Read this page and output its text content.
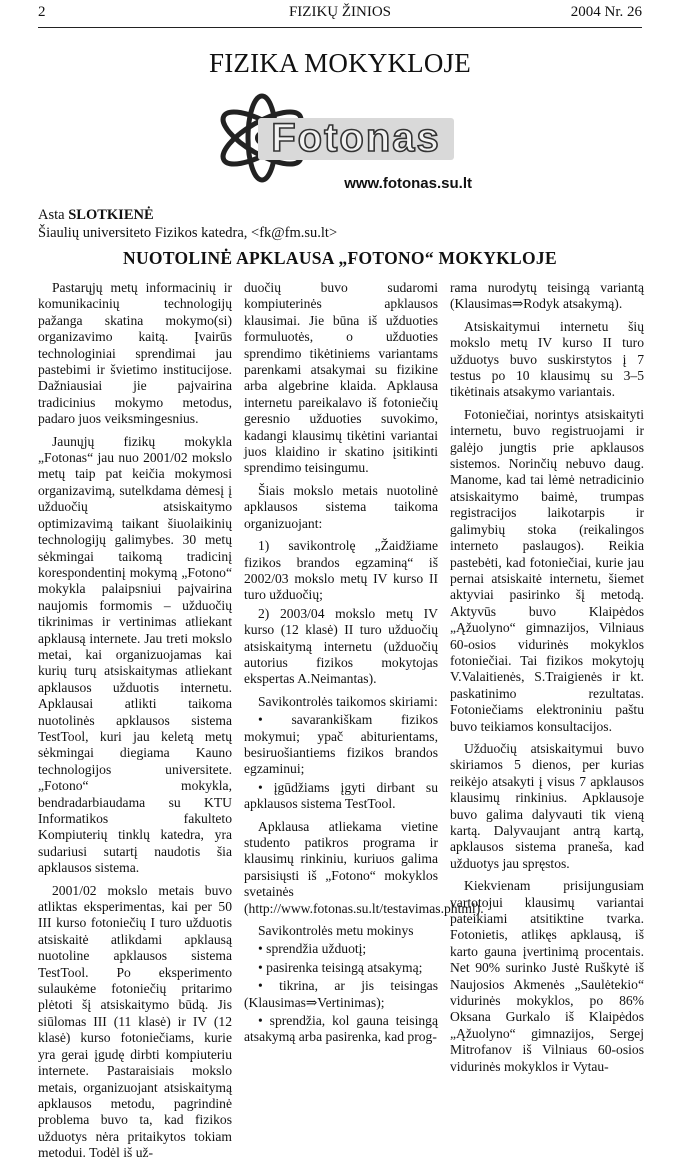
2	FIZIKŲ ŽINIOS	2004 Nr. 26
FIZIKA MOKYKLOJE
Fotonas
www.fotonas.su.lt
Asta SLOTKIENĖ
Šiaulių universiteto Fizikos katedra, <fk@fm.su.lt>
NUOTOLINĖ APKLAUSA „FOTONO“ MOKYKLOJE

Pastarųjų metų informacinių ir komunikacinių technologijų pažanga skatina mokymo(si) organizavimo kaitą. Įvairūs technologiniai sprendimai jau pastebimi ir švietimo institucijose. Dažniausiai jie pajvairina tradicinius mokymo metodus, padaro juos veiksmingesnius.

Jaunųjų fizikų mokykla „Fotonas“ jau nuo 2001/02 mokslo metų taip pat keičia mokymosi organizavimą, sutelkdama dėmesį į užduočių atsiskaitymo optimizavimą taikant šiuolaikinių technologijų galimybes. 30 metų sėkmingai taikomą tradicinį korespondentinį mokymą „Fotono“ mokykla palaipsniui pajvairina naujomis formomis – užduočių tikrinimas ir vertinimas atliekant apklausą internete. Jau treti mokslo metai, kai organizuojamas kai kurių turų atsiskaitymas atliekant apklausos užduotis internetu. Apklausai atlikti taikoma nuotolinės apklausos sistema TestTool, kuri jau keletą metų sėkmingai diegiama Kauno technologijos universitete. „Fotono“ mokykla, bendradarbiaudama su KTU Informatikos fakulteto Kompiuterių tinklų katedra, yra sudariusi sutartį naudotis šia apklausos sistema.

2001/02 mokslo metais buvo atliktas eksperimentas, kai per 50 III kurso fotoniečių I turo užduotis atsiskaitė atlikdami apklausą nuotoline apklausos sistema TestTool. Po eksperimento sulaukėme fotoniečių pritarimo plėtoti šį atsiskaitymo būdą. Jis siūlomas III (11 klasė) ir IV (12 klasė) kurso fotoniečiams, kurie yra gerai įgudę dirbti kompiuteriu internete. Pastaraisiais mokslo metais, organizuojant atsiskaitymą apklausos metodu, pagrindinė problema buvo ta, kad fizikos užduotys nėra pritaikytos tokiam metodui. Todėl iš už-

duočių buvo sudaromi kompiuterinės apklausos klausimai. Jie būna iš užduoties formuluotės, o užduoties sprendimo tikėtiniems variantams parenkami atsakymai su fizikine arba algebrine klaida. Apklausa internetu pareikalavo iš fotoniečių geresnio užduoties suvokimo, kadangi klausimų tikėtini variantai juos klaidino ir skatino įsitikinti sprendimo teisingumu.

Šiais mokslo metais nuotolinė apklausos sistema taikoma organizuojant:

1) savikontrolę „Žaidžiame fizikos brandos egzaminą“ iš 2002/03 mokslo metų IV kurso II turo užduočių;

2) 2003/04 mokslo metų IV kurso (12 klasė) II turo užduočių atsiskaitymą internetu (užduočių autorius fizikos mokytojas ekspertas A.Neimantas).

Savikontrolės taikomos skiriami:

• savarankiškam fizikos mokymui; ypač abiturientams, besiruošiantiems fizikos brandos egzaminui;

• įgūdžiams įgyti dirbant su apklausos sistema TestTool.

Apklausa atliekama vietine studento patikros programa ir klausimų rinkiniu, kuriuos galima parsisiųsti iš „Fotono“ mokyklos svetainės (http://www.fotonas.su.lt/testavimas.phtml).

Savikontrolės metu mokinys

• sprendžia užduotį;

• pasirenka teisingą atsakymą;

• tikrina, ar jis teisingas (Klausimas⇒Vertinimas);

• sprendžia, kol gauna teisingą atsakymą arba pasirenka, kad prog-

rama nurodytų teisingą variantą (Klausimas⇒Rodyk atsakymą).

Atsiskaitymui internetu šių mokslo metų IV kurso II turo užduotys buvo suskirstytos į 7 testus po 10 klausimų su 3–5 tikėtinais atsakymo variantais.

Fotoniečiai, norintys atsiskaityti internetu, buvo registruojami ir galėjo jungtis prie apklausos sistemos. Norinčių nebuvo daug. Manome, kad tai lėmė netradicinio atsiskaitymo baimė, trumpas registracijos laikotarpis ir galimybių stoka (reikalingos interneto paslaugos). Reikia pastebėti, kad fotoniečiai, kurie jau pernai atsiskaitė internetu, šiemet aktyviai pasirinko šį metodą. Aktyvūs buvo Klaipėdos „Ąžuolyno“ gimnazijos, Vilniaus 60-osios vidurinės mokyklos fotoniečiai. Tai fizikos mokytojų V.Valaitienės, S.Traigienės ir kt. paskatinimo rezultatas. Fotoniečiams elektroniniu paštu buvo teikiamos konsultacijos.

Užduočių atsiskaitymui buvo skiriamos 5 dienos, per kurias reikėjo atsakyti į visus 7 apklausos klausimų rinkinius. Apklausoje buvo galima dalyvauti tik vieną kartą. Dalyvaujant antrą kartą, apklausos sistema pranešа, kad užduotys jau spręstos.

Kiekvienam prisijungusiam vartotojui klausimų variantai pateikiami atsitiktine tvarka. Fotonietis, atlikęs apklausą, iš karto gauna įvertinimą procentais. Net 90% surinko Justė Ruškytė iš Naujosios Akmenės „Saulėtekio“ vidurinės mokyklos, po 86% Oksana Gurkalo iš Klaipėdos „Ąžuolyno“ gimnazijos, Sergej Mitrofanov iš Vilniaus 60-osios vidurinės mokyklos ir Vytau-
